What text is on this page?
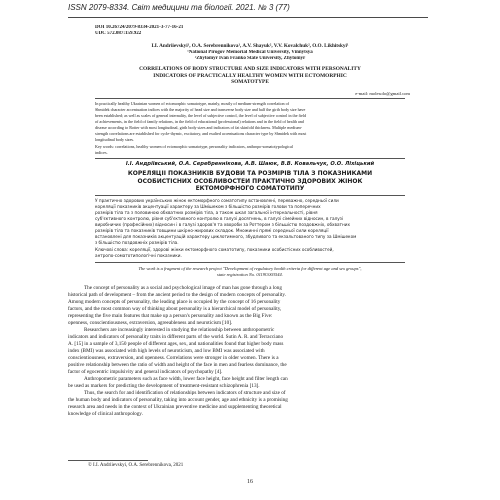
ISSN 2079-8334. Світ медицини та біології. 2021. № 3 (77)
DOI 10.26724/2079-8334-2021-3-77-16-21
UDC 572.087:159.922
I.I. Andriievskyi¹, O.A. Serebrennikova¹, A.V. Shayuk², V.V. Kovalchuk², O.O. Likhitskyi¹
¹National Pirogov Memorial Medical University, Vinnytsya
²Zhytomyr Ivan Franko State University, Zhytomyr
CORRELATIONS OF BODY STRUCTURE AND SIZE INDICATORS WITH PERSONALITY
INDICATORS OF PRACTICALLY HEALTHY WOMEN WITH ECTOMORPHIC
SOMATOTYPE
e-mail: molesolo@gmail.com
In practically healthy Ukrainian women of ectomorphic somatotype, mainly, mostly of medium-strength correlation of
Shmidek character accentuation indices with the majority of head size and transverse body size and half the girth body size have
been established; as well as scales of general internality, the level of subjective control, the level of subjective control in the field
of achievements, in the field of family relations, in the field of educational (professional) relations and in the field of health and
disease according to Rotter with most longitudinal, girth body sizes and indicators of fat skinfold thickness. Multiple medium-
strength correlations are established for cycle-thymic, excitatory, and exalted accentuations character type by Shmidek with most
longitudinal body sizes.
Key words: correlations, healthy women of ectomorphic somatotype, personality indicators, anthropo-somatotypological
indices.
І.І. Андріївський, О.А. Серебреннікова, А.В. Шаюк, В.В. Ковальчук, О.О. Ліхіцький
КОРЕЛЯЦІЇ ПОКАЗНИКІВ БУДОВИ ТА РОЗМІРІВ ТІЛА З ПОКАЗНИКАМИ
ОСОБИСТІСНИХ ОСОБЛИВОСТЕЙ ПРАКТИЧНО ЗДОРОВИХ ЖІНОК
ЕКТОМОРФНОГО СОМАТОТИПУ
У практично здорових українських жінок ектоморфного соматотипу встановлені, переважно, середньої сили
кореляції показників акцентуації характеру за Шмішеком з більшістю розмірів голови та поперечних
розмірів тіла та з половиною обхватних розмірів тіла, а також шкал загальної інтернальності, рівня
суб'єктивного контролю, рівня суб'єктивного контролю в галузі досягнень, в галузі сімейних відносин, в галузі
виробничих (професійних) відносин і в галузі здоров'я та хвороби за Роттером з більшістю поздовжніх, обхватних
розмірів тіла та показників товщини шкірно-жирових складок. Множинні прямі середньої сили кореляції
встановлені для показників акцентуацій характеру циклотимного, збудливого та екзальтованого типу за Шмішеком
з більшістю поздовжніх розмірів тіла.
Ключові слова: кореляції, здорові жінки ектоморфного соматотипу, показники особистісних особливостей,
антропо-соматотипологічні показники.
The work is a fragment of the research project "Development of regulatory health criteria for different age and sex groups",
state registration No. 0119U003544.
The concept of personality as a social and psychological image of man has gone through a long
historical path of development – from the ancient period to the design of modern concepts of personality.
Among modern concepts of personality, the leading place is occupied by the concept of 16 personality
factors, and the most common way of thinking about personality is a hierarchical model of personality,
representing the five main features that make up a person's personality and known as the Big Five:
openness, conscientiousness, extraversion, agreeableness and neuroticism [10].
Researchers are increasingly interested in studying the relationship between anthropometric
indicators and indicators of personality traits in different parts of the world. Sutin A. R. and Terracciano
A. [15] in a sample of 3,150 people of different ages, sex, and nationalities found that higher body mass
index (BMI) was associated with high levels of neuroticism, and low BMI was associated with
conscientiousness, extraversion, and openness. Correlations were stronger in older women. There is a
positive relationship between the ratio of width and height of the face in men and fearless dominance, the
factor of egocentric impulsivity and general indicators of psychopathy [4].
Anthropometric parameters such as face width, lower face height, face height and filter length can
be used as markers for predicting the development of treatment-resistant schizophrenia [13].
Thus, the search for and identification of relationships between indicators of structure and size of
the human body and indicators of personality, taking into account gender, age and ethnicity is a promising
research area and needs in the context of Ukrainian preventive medicine and supplementing theoretical
knowledge of clinical anthropology.
© I.I. Andriievskyi, O.A. Serebrennikova, 2021
16
